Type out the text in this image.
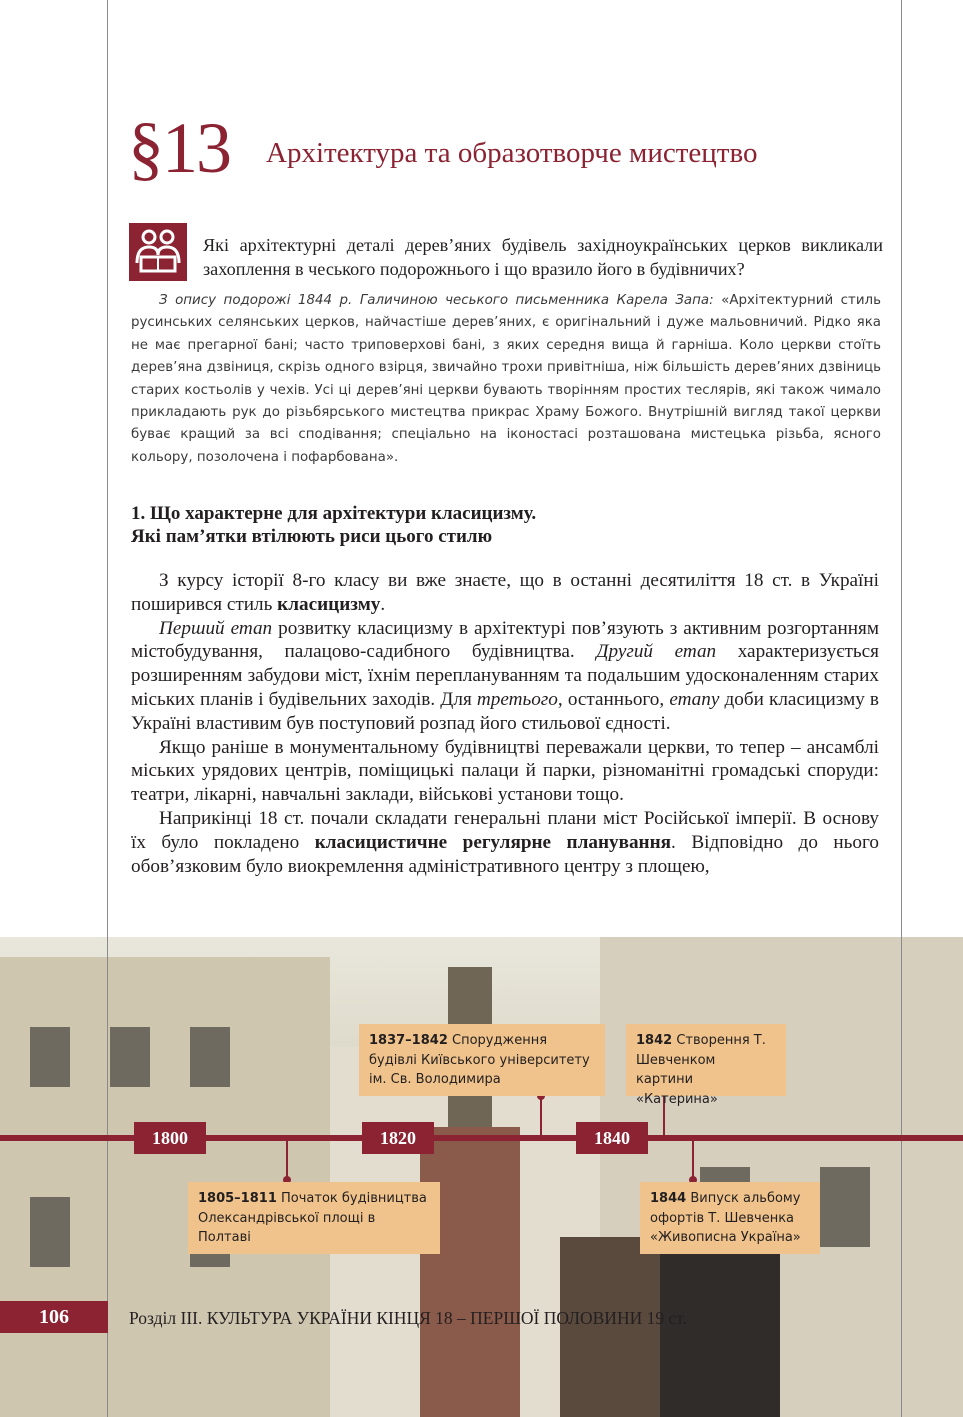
§13 Архітектура та образотворче мистецтво
Які архітектурні деталі дерев’яних будівель західноукраїнських церков викликали захоплення в чеського подорожнього і що вразило його в будівничих?

З опису подорожі 1844 р. Галичиною чеського письменника Карела Запа: «Архітектурний стиль русинських селянських церков, найчастіше дерев’яних, є оригінальний і дуже мальовничий. Рідко яка не має прегарної бані; часто триповерхові бані, з яких середня вища й гарніша. Коло церкви стоїть дерев’яна дзвіниця, скрізь одного взірця, звичайно трохи привітніша, ніж більшість дерев’яних дзвіниць старих костьолів у чехів. Усі ці дерев’яні церкви бувають творінням простих теслярів, які також чимало прикладають рук до різьбярського мистецтва прикрас Храму Божого. Внутрішній вигляд такої церкви буває кращий за всі сподівання; спеціально на іконостасі розташована мистецька різьба, ясного кольору, позолочена і пофарбована».

1. Що характерне для архітектури класицизму.
Які пам’ятки втілюють риси цього стилю

З курсу історії 8-го класу ви вже знаєте, що в останні десятиліття 18 ст. в Україні поширився стиль класицизму.

Перший етап розвитку класицизму в архітектурі пов’язують з активним розгортанням містобудування, палацово-садибного будівництва. Другий етап характеризується розширенням забудови міст, їхнім переплануванням та подальшим удосконаленням старих міських планів і будівельних заходів. Для третього, останнього, етапу доби класицизму в Україні властивим був поступовий розпад його стильової єдності.

Якщо раніше в монументальному будівництві переважали церкви, то тепер – ансамблі міських урядових центрів, поміщицькі палаци й парки, різноманітні громадські споруди: театри, лікарні, навчальні заклади, військові установи тощо.

Наприкінці 18 ст. почали складати генеральні плани міст Російської імперії. В основу їх було покладено класицистичне регулярне планування. Відповідно до нього обов’язковим було виокремлення адміністративного центру з площею,

1800	1820	1840
1837–1842 Спорудження будівлі Київського університету ім. Св. Володимира
1842 Створення Т. Шевченком картини «Катерина»
1805–1811 Початок будівництва Олександрівської площі в Полтаві
1844 Випуск альбому офортів Т. Шевченка «Живописна Україна»
106	Розділ ІІІ. КУЛЬТУРА УКРАЇНИ КІНЦЯ 18 – ПЕРШОЇ ПОЛОВИНИ 19 ст.
